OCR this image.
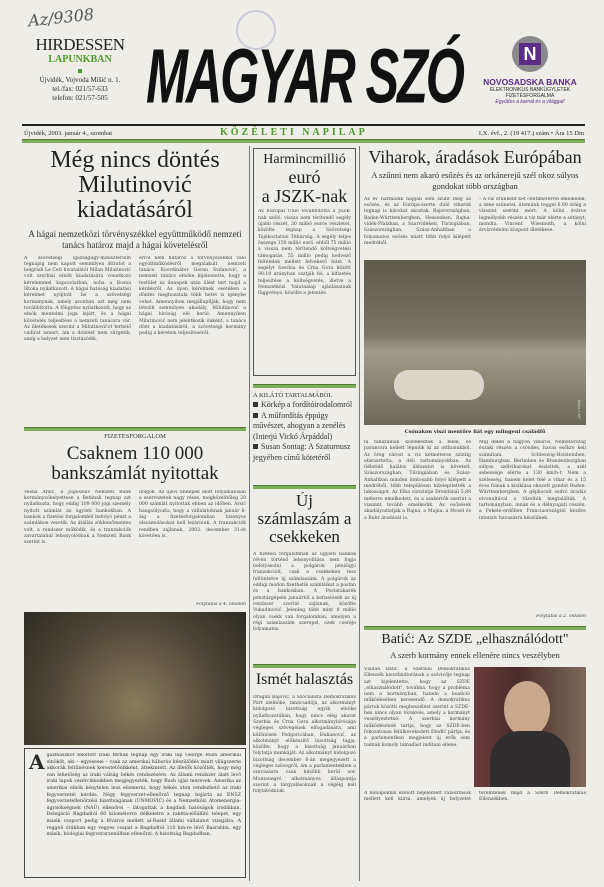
Az/9308
HIRDESSEN
LAPUNKBAN
Újvidék, Vojvoda Mišić u. 1.
tel./fax: 021/57-633
telefon: 021/57-505 MAGYAR SZÓ	N
NOVOSADSKA BANKA
ELEKTRONIKUS BANKÜGYLETEK
FIZETÉSFORGALMA
Együttes a karnál és a világgal!
Újvidék, 2003. január 4., szombat	KÖZÉLETI NAPILAP	LX. évf., 2. (19 417.) szám • Ára 15 Din
Még nincs döntés Milutinović kiadatásáról
A hágai nemzetközi törvényszékkel együttműködő nemzeti tanács határoz majd a hágai követelésről
A szövetségi igazságügy-minisztérium tegnapig nem kapott semmilyen átiratot a belgrádi Le Ceti hivatalától Milan Milutinović volt szerbiai elnök kiadatására vonatkozó kérelemmel kapcsolatban, noha a Bosna Ištoka nyilatkozott. A hágai hatóság kiadatási kérelmet nyújtott be a szövetségi kormánynak, amely azonban azt még nem továbbította. A főügyész nyilatkozott, hogy az elnök mentelmi joga lejárt, és a hágai követelés teljesítése a nemzeti tanácsra vár. Az illetékesek szerint a Milutinovićot terhelő vádirat ismert, ám a döntést nem sürgetik, amíg a helyzet nem tisztázódik.
erről nem határoz a törvényszékkel való együttműködésről megalakult nemzeti tanács. Koordinátor Goran Svilanović, a nemzeti tanács elnöke kijelentette, hogy a testület az ünnepek után ülést tart majd a kérdésről. Az ilyen kérelmek esetében a döntés meghozatala több hetet is igénybe vehet. Amennyiben megállapítják, hogy nem létezik semmilyen akadály, Milutinović a hágai bíróság elé kerül. Amennyiben Milutinović nem jelentkezik önként, a tanács dönt a kiadatásáról, a szövetségi kormány pedig a kérelem teljesítéséről.
FIZETÉSFORGALOM
Csaknem 110 000 bankszámlát nyitottak
Vesna Arsić, a Jugoszláv Nemzeti Bank kormányzóhelyettese a Betának tegnap azt nyilatkozta, hogy eddig 109 000 jogi személy nyitott számlát az ügyleti bankokban. A bankok a fizetési forgalomból befolyó pénzt a számlákon vezetik. Az átállás zökkenőmentes volt, a rendszer működik, és a tranzakciók zavartalanul lebonyolódnak a Nemzeti Bank szerint is.
dolgok. Az újévi ünnepek előtt folyamatosan a szervezetek nagy része, megközelítőleg 20 000 számlát nyitottak ebben az időben. Arsić hangsúlyozta, hogy a vállalatoknak január 6-áig a fizetésforgalomban bizonyos elszámolásokat kell lezárniuk. A tranzakciók rendben zajlanak, 2002. december 31-ét követően is.
Folytatás a 4. oldalon
A gázmaszkot felöltött iraki férfiak tegnap egy iraki lap George Bush amerikai elnököt, aki – egyesesei – csak az amerikai háborús készülődés miatt világszerte akkorák feltűnésnek kerestetődikként, áttekintett. Az illetők közölték, hogy még van lehetőség az iraki válság békés rendezésére. Az állami rendszer alatt levő iraki lapok vezércikkeikben megjegyezték, hogy Bush ujjai merevek. Amerika az amerikai elnök kénytelen lesz elismerni, hogy békés úton rendezhető az iraki fegyverzetei kérdés. Négy fegyverzet-ellenőrző tegnap bejárta az ENSZ fegyverzetellenőrzési bizottságának (UNMOVIC) és a Nemzetközi Atomenergia-ügynökségnek (NAÜ) ellenőrei – látogattak a bagdadi hatóságok irodáiban. Delegáció Bagdadtól 60 kilométerre délkeletre a rakéta-előállító telepet, egy másik csoport pedig a főváros mellett al-Rasid állami vállalatot vizsgálta. A reggeli órákban egy vegyes csapat a Bagdadtól 110 km-re lévő Basrahba, egy másik, biológiai fegyverarzenálban ellenőrzi. A bizottság Bagdadban.
Harmincmillió
euró
a JSZK-nak
Az Európai Unió továbbította a JSZK-nak szóló, vissza nem térítendő segély újabb részét, 30 millió eurós részletet, közölte tegnap a Szövetségi Tájékoztatási Titkárság. A segély teljes összege 150 millió euró, ebből 75 millió a vissza nem térítendő költségvetési támogatás, 55 millió pedig kedvező feltételek mellett felvehető hitel. A segélyt Szerbia és Crna Gora között 90:10 arányban osztják fel, a kifizetés teljesítése a költségvetés, illetve a Nemzetközi Valutaalap ajánlásainak függvénye, közölte a jelentés.
A KILÁTÓ TARTALMÁBÓL
Körkép a fordítóirodalomról
A műfordítás éppúgy művészet, ahogyan a zenélés (Interjú Vickó Árpáddal)
Susan Sontag: A Szaturnusz jegyében című kötetéről
Új számlaszám a csekkeken
A fizetési forgalomnak az ügyleti bankok révén történő lebonyolítása nem fogja befolyásolni a polgárok pénzügyi tranzakcióit, csak a csekkeken lesz feltüntetve új számlaszám. A polgárok az eddigi módon fizethetik számláikat a postán és a bankokban. A Postatakarék pénztárgépein januártól a befizetések az új rendszer szerint zajlanak, közölte Vukadinović. Jelenleg több mint 8 millió olyan csekk van forgalomban, amelyen a régi számlaszám szerepel, ezek cseréje folyamatos.
Ismét halasztás
Dragan Bajović, a Szocialista Demokratikus Párt alelnöke, tanácsadója, az alkotmányt kidolgozó bizottság egyik elnöke nyilatkozatában, hogy nincs elég akarat Szerbia és Crna Gora alkotmánybírósága végleges szövegének elfogadására, ami különösen Podgoricában, Đukanović, az alkotmányt előkészítő bizottság tagja, közölte, hogy a bizottság januárban folytatja munkáját. Az alkotmányt kidolgozó bizottság december 6-án megegyezett a végleges szövegről, ám a parlamentekben a szavazásra csak később kerül sor. Montenegró alkotmányos álláspontja szerint a tárgyalásoknak a végéig kell folytatódniuk.
Viharok, áradások Európában
A szűnni nem akaró esőzés és az orkánerejű szél okoz súlyos gondokat több országban
Az év harmadik napján sem szűnt meg az esőzés, és az Európa-szerte dúló viharok tegnap is károkat okoztak. Bajorországban, Baden-Württembergben, Hessenben, Rajna-vidék-Pfalzban, a Saarvidéken, Türingiában, Szászországban, Szász-Anhaltban a folyamatos esőzés miatt több folyó kilépett medréből.
– A víz óránként két centiméterrel emelkedik, a zene szünetel, ütemünk reggel 6.00 óráig a vízszint szerint mért. A kölni óváros legmélyebb részén a víz már elérte a sétányt, mondta Vincent Wiesmuth, a kölni árvízvédelmi központ illetékese.
Beta / AP
Csónakon viszi mentőre fiát egy mlingeni családfő
fa faházaiban közlekedtek a felek, és parancsra kellett lépniük ki az otthonukból. Az öreg várost a víz kétméteres szintig elárasztotta, a déli tartományokban. Az ítéletidő halálos áldozatot is követelt. Szászországban, Türingiában és Szász-Anhaltban minden fontosabb folyó kilépett a medréből, több településen kitelepítették a lakosságot. Az Elba vízszintje Drezdánál 5,88 méterre emelkedett, és a szakértők szerint a vízszint tovább emelkedik. Az esőzések akadályoztatják a Rajna, a Majna, a Mosel és a Ruhr áradását is.
Míg délen a nagyon viharos, Németország északi részén a csöndes, havas esőkre kell számítani. Schleswig-Holsteinben, Hamburgban, Berlinben és Brandenburgban súlyos szélviharokat észleltek, a szél sebessége elérte a 130 km/h-t. Nem a szélesség, hanem kelet felé a vihar és a 15 éves fiának a kisiklása okozott gondot Baden-Württembergben. A gépkocsit sodró áradás elvonultával a tűzoltók megtalálták. A tartományban, innak és a délnyugati részén, a Fekete-erdőben Franciaországtól kezdve intenzív havazásra készülnek.
Folytatás a 2. oldalon
Batić: Az SZDE „elhasználódott"
A szerb kormány ennek ellenére nincs veszélyben
Vladan Batić, a Szerbiai Demokratikus Ellenzék koordinátorának a szóvivője tegnap azt kijelentette, hogy az SZDE „elhasználódott", továbbá, hogy a probléma nem a kormányban, hanem a koalíció működésében keresendő. A demokratikus pártok közötti megbeszélést szerint a SZDE-ben nincs olyan törekvés, amely a kormányt veszélyeztetné. A szerbiai kormány működésének tartja, hogy az SZDE-ben fokozatosan felülkerekedett Đinđić pártja, és a parlamentben megjelent új erők sem tudnak komoly támadást indítani ellene.
A hónapokkal ezelőtt bejelentett választások mellett kell kiírni, amelyek új helyzetet teremtenek majd a Szerb Demokratikus Ellenzékben.
